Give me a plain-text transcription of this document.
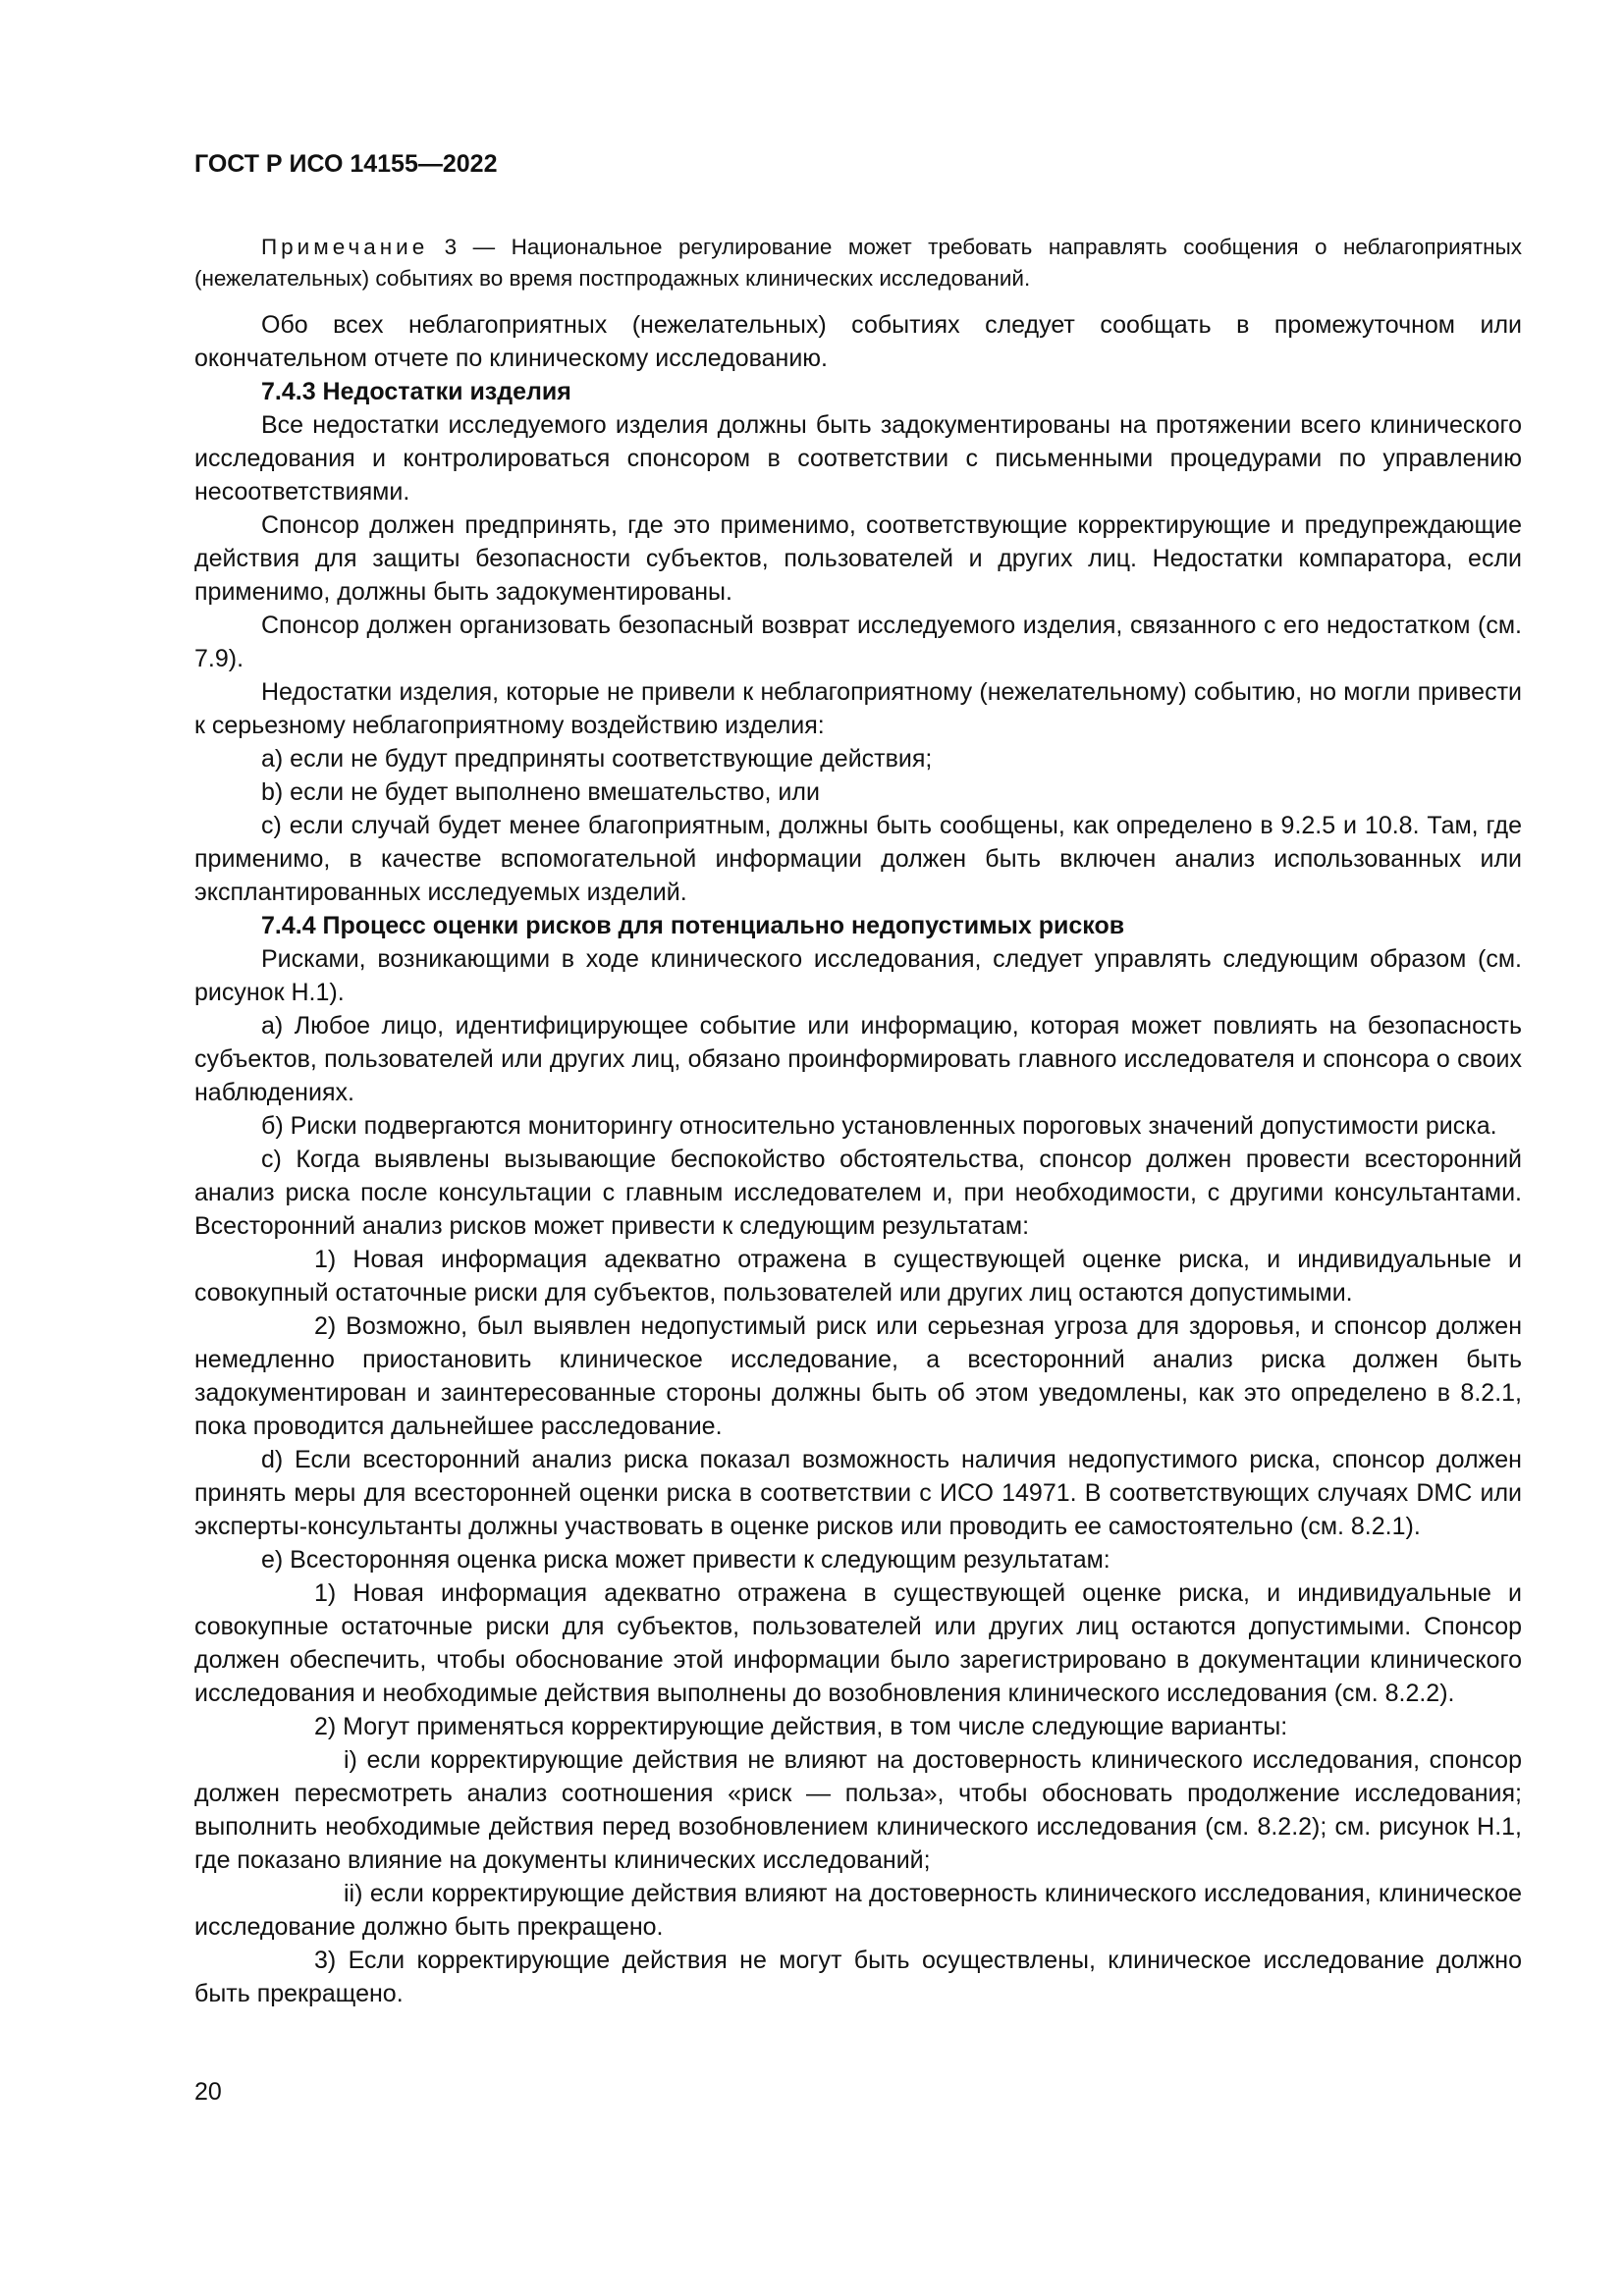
ГОСТ Р ИСО 14155—2022
Примечание 3 — Национальное регулирование может требовать направлять сообщения о неблагоприятных (нежелательных) событиях во время постпродажных клинических исследований.

Обо всех неблагоприятных (нежелательных) событиях следует сообщать в промежуточном или окончательном отчете по клиническому исследованию.

7.4.3 Недостатки изделия

Все недостатки исследуемого изделия должны быть задокументированы на протяжении всего клинического исследования и контролироваться спонсором в соответствии с письменными процедурами по управлению несоответствиями.

Спонсор должен предпринять, где это применимо, соответствующие корректирующие и предупреждающие действия для защиты безопасности субъектов, пользователей и других лиц. Недостатки компаратора, если применимо, должны быть задокументированы.

Спонсор должен организовать безопасный возврат исследуемого изделия, связанного с его недостатком (см. 7.9).

Недостатки изделия, которые не привели к неблагоприятному (нежелательному) событию, но могли привести к серьезному неблагоприятному воздействию изделия:

a) если не будут предприняты соответствующие действия;

b) если не будет выполнено вмешательство, или

c) если случай будет менее благоприятным, должны быть сообщены, как определено в 9.2.5 и 10.8. Там, где применимо, в качестве вспомогательной информации должен быть включен анализ использованных или эксплантированных исследуемых изделий.

7.4.4 Процесс оценки рисков для потенциально недопустимых рисков

Рисками, возникающими в ходе клинического исследования, следует управлять следующим образом (см. рисунок Н.1).

a) Любое лицо, идентифицирующее событие или информацию, которая может повлиять на безопасность субъектов, пользователей или других лиц, обязано проинформировать главного исследователя и спонсора о своих наблюдениях.

б) Риски подвергаются мониторингу относительно установленных пороговых значений допустимости риска.

c) Когда выявлены вызывающие беспокойство обстоятельства, спонсор должен провести всесторонний анализ риска после консультации с главным исследователем и, при необходимости, с другими консультантами. Всесторонний анализ рисков может привести к следующим результатам:

1) Новая информация адекватно отражена в существующей оценке риска, и индивидуальные и совокупный остаточные риски для субъектов, пользователей или других лиц остаются допустимыми.

2) Возможно, был выявлен недопустимый риск или серьезная угроза для здоровья, и спонсор должен немедленно приостановить клиническое исследование, а всесторонний анализ риска должен быть задокументирован и заинтересованные стороны должны быть об этом уведомлены, как это определено в 8.2.1, пока проводится дальнейшее расследование.

d) Если всесторонний анализ риска показал возможность наличия недопустимого риска, спонсор должен принять меры для всесторонней оценки риска в соответствии с ИСО 14971. В соответствующих случаях DMC или эксперты-консультанты должны участвовать в оценке рисков или проводить ее самостоятельно (см. 8.2.1).

e) Всесторонняя оценка риска может привести к следующим результатам:

1) Новая информация адекватно отражена в существующей оценке риска, и индивидуальные и совокупные остаточные риски для субъектов, пользователей или других лиц остаются допустимыми. Спонсор должен обеспечить, чтобы обоснование этой информации было зарегистрировано в документации клинического исследования и необходимые действия выполнены до возобновления клинического исследования (см. 8.2.2).

2) Могут применяться корректирующие действия, в том числе следующие варианты:

i) если корректирующие действия не влияют на достоверность клинического исследования, спонсор должен пересмотреть анализ соотношения «риск — польза», чтобы обосновать продолжение исследования; выполнить необходимые действия перед возобновлением клинического исследования (см. 8.2.2); см. рисунок Н.1, где показано влияние на документы клинических исследований;

ii) если корректирующие действия влияют на достоверность клинического исследования, клиническое исследование должно быть прекращено.

3) Если корректирующие действия не могут быть осуществлены, клиническое исследование должно быть прекращено.

20
